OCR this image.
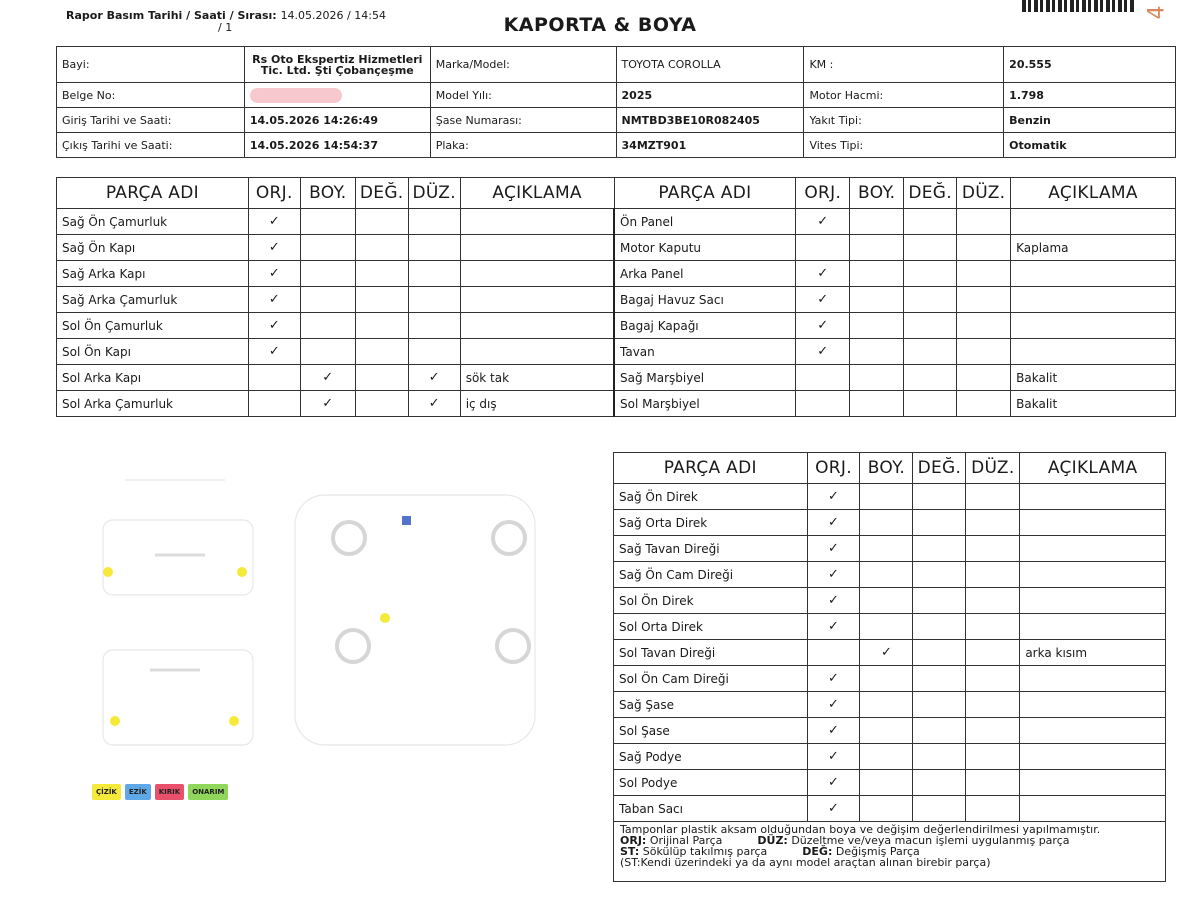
Rapor Basım Tarihi / Saati / Sırası: 14.05.2026 / 14:54
/ 1	KAPORTA & BOYA
4
Bayi:	Rs Oto Ekspertiz Hizmetleri Tic. Ltd. Şti Çobançeşme	Marka/Model:	TOYOTA COROLLA	KM :	20.555
Belge No:		Model Yılı:	2025	Motor Hacmi:	1.798
Giriş Tarihi ve Saati:	14.05.2026 14:26:49	Şase Numarası:	NMTBD3BE10R082405	Yakıt Tipi:	Benzin
Çıkış Tarihi ve Saati:	14.05.2026 14:54:37	Plaka:	34MZT901	Vites Tipi:	Otomatik
PARÇA ADI	ORJ.	BOY.	DEĞ.	DÜZ.	AÇIKLAMA	PARÇA ADI	ORJ.	BOY.	DEĞ.	DÜZ.	AÇIKLAMA
Sağ Ön Çamurluk	✓					Ön Panel	✓				
Sağ Ön Kapı	✓					Motor Kaputu					Kaplama
Sağ Arka Kapı	✓					Arka Panel	✓				
Sağ Arka Çamurluk	✓					Bagaj Havuz Sacı	✓				
Sol Ön Çamurluk	✓					Bagaj Kapağı	✓				
Sol Ön Kapı	✓					Tavan	✓				
Sol Arka Kapı		✓		✓	sök tak	Sağ Marşbiyel					Bakalit
Sol Arka Çamurluk		✓		✓	iç dış	Sol Marşbiyel					Bakalit
ÇİZİK	EZİK	KIRIK	ONARIM
PARÇA ADI	ORJ.	BOY.	DEĞ.	DÜZ.	AÇIKLAMA
Sağ Ön Direk	✓				
Sağ Orta Direk	✓				
Sağ Tavan Direği	✓				
Sağ Ön Cam Direği	✓				
Sol Ön Direk	✓				
Sol Orta Direk	✓				
Sol Tavan Direği		✓			arka kısım
Sol Ön Cam Direği	✓				
Sağ Şase	✓				
Sol Şase	✓				
Sağ Podye	✓				
Sol Podye	✓				
Taban Sacı	✓				
Tamponlar plastik aksam olduğundan boya ve değişim değerlendirilmesi yapılmamıştır.
ORJ: Orijinal Parça	DÜZ: Düzeltme ve/veya macun işlemi uygulanmış parça
ST: Sökülüp takılmış parça	DEĞ: Değişmiş Parça
(ST:Kendi üzerindeki ya da aynı model araçtan alınan birebir parça)
